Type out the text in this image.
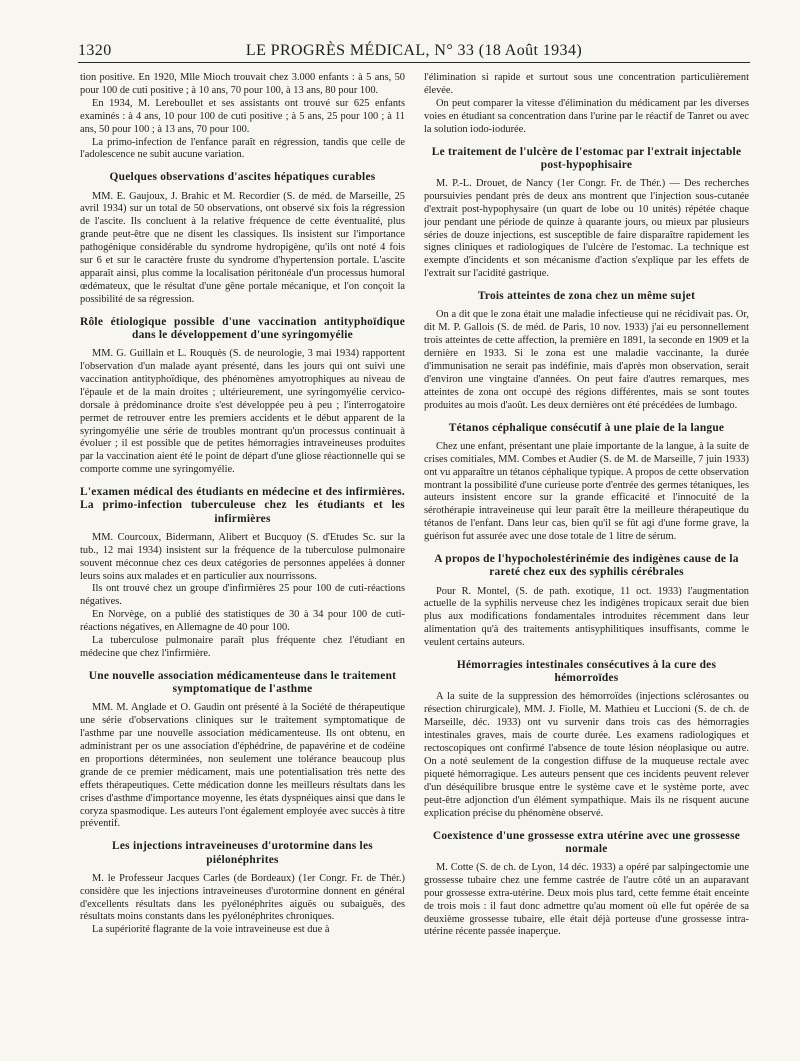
1320	LE PROGRÈS MÉDICAL, N° 33 (18 Août 1934)

tion positive. En 1920, Mlle Mioch trouvait chez 3.000 enfants : à 5 ans, 50 pour 100 de cuti positive ; à 10 ans, 70 pour 100, à 13 ans, 80 pour 100.

En 1934, M. Lereboullet et ses assistants ont trouvé sur 625 enfants examinés : à 4 ans, 10 pour 100 de cuti positive ; à 5 ans, 25 pour 100 ; à 11 ans, 50 pour 100 ; à 13 ans, 70 pour 100.

La primo-infection de l'enfance paraît en régression, tandis que celle de l'adolescence ne subit aucune variation.

Quelques observations d'ascites hépatiques curables

MM. E. Gaujoux, J. Brahic et M. Recordier (S. de méd. de Marseille, 25 avril 1934) sur un total de 50 observations, ont observé six fois la régression de l'ascite. Ils concluent à la relative fréquence de cette éventualité, plus grande peut-être que ne disent les classiques. Ils insistent sur l'importance pathogénique considérable du syndrome hydropigène, qu'ils ont noté 4 fois sur 6 et sur le caractère fruste du syndrome d'hypertension portale. L'ascite apparaît ainsi, plus comme la localisation péritonéale d'un processus humoral œdémateux, que le résultat d'une gêne portale mécanique, et l'on conçoit la possibilité de sa régression.

Rôle étiologique possible d'une vaccination antityphoïdique dans le développement d'une syringomyélie

MM. G. Guillain et L. Rouquès (S. de neurologie, 3 mai 1934) rapportent l'observation d'un malade ayant présenté, dans les jours qui ont suivi une vaccination antityphoïdique, des phénomènes amyotrophiques au niveau de l'épaule et de la main droites ; ultérieurement, une syringomyélie cervico-dorsale à prédominance droite s'est développée peu à peu ; l'interrogatoire permet de retrouver entre les premiers accidents et le début apparent de la syringomyélie une série de troubles montrant qu'un processus continuait à évoluer ; il est possible que de petites hémorragies intraveineuses produites par la vaccination aient été le point de départ d'une gliose réactionnelle qui se comporte comme une syringomyélie.

L'examen médical des étudiants en médecine et des infirmières. La primo-infection tuberculeuse chez les étudiants et les infirmières

MM. Courcoux, Bidermann, Alibert et Bucquoy (S. d'Etudes Sc. sur la tub., 12 mai 1934) insistent sur la fréquence de la tuberculose pulmonaire souvent méconnue chez ces deux catégories de personnes appelées à donner leurs soins aux malades et en particulier aux nourrissons.

Ils ont trouvé chez un groupe d'infirmières 25 pour 100 de cuti-réactions négatives.

En Norvège, on a publié des statistiques de 30 à 34 pour 100 de cuti-réactions négatives, en Allemagne de 40 pour 100.

La tuberculose pulmonaire paraît plus fréquente chez l'étudiant en médecine que chez l'infirmière.

Une nouvelle association médicamenteuse dans le traitement symptomatique de l'asthme

MM. M. Anglade et O. Gaudin ont présenté à la Société de thérapeutique une série d'observations cliniques sur le traitement symptomatique de l'asthme par une nouvelle association médicamenteuse. Ils ont obtenu, en administrant per os une association d'éphédrine, de papavérine et de codéine en proportions déterminées, non seulement une tolérance beaucoup plus grande de ce premier médicament, mais une potentialisation très nette des effets thérapeutiques. Cette médication donne les meilleurs résultats dans les crises d'asthme d'importance moyenne, les états dyspnéiques ainsi que dans le coryza spasmodique. Les auteurs l'ont également employée avec succès à titre préventif.

Les injections intraveineuses d'urotormine dans les piélonéphrites

M. le Professeur Jacques Carles (de Bordeaux) (1er Congr. Fr. de Thér.) considère que les injections intraveineuses d'urotormine donnent en général d'excellents résultats dans les pyélonéphrites aiguës ou subaiguës, des résultats moins constants dans les pyélonéphrites chroniques.

La supériorité flagrante de la voie intraveineuse est due à

l'élimination si rapide et surtout sous une concentration particulièrement élevée.

On peut comparer la vitesse d'élimination du médicament par les diverses voies en étudiant sa concentration dans l'urine par le réactif de Tanret ou avec la solution iodo-iodurée.

Le traitement de l'ulcère de l'estomac par l'extrait injectable post-hypophisaire

M. P.-L. Drouet, de Nancy (1er Congr. Fr. de Thér.) — Des recherches poursuivies pendant près de deux ans montrent que l'injection sous-cutanée d'extrait post-hypophysaire (un quart de lobe ou 10 unités) répétée chaque jour pendant une période de quinze à quarante jours, ou mieux par plusieurs séries de douze injections, est susceptible de faire disparaître rapidement les signes cliniques et radiologiques de l'ulcère de l'estomac. La technique est exempte d'incidents et son mécanisme d'action s'explique par les effets de l'extrait sur l'acidité gastrique.

Trois atteintes de zona chez un même sujet

On a dit que le zona était une maladie infectieuse qui ne récidivait pas. Or, dit M. P. Gallois (S. de méd. de Paris, 10 nov. 1933) j'ai eu personnellement trois atteintes de cette affection, la première en 1891, la seconde en 1909 et la dernière en 1933. Si le zona est une maladie vaccinante, la durée d'immunisation ne serait pas indéfinie, mais d'après mon observation, serait d'environ une vingtaine d'années. On peut faire d'autres remarques, mes atteintes de zona ont occupé des régions différentes, mais se sont toutes produites au mois d'août. Les deux dernières ont été précédées de lumbago.

Tétanos céphalique consécutif à une plaie de la langue

Chez une enfant, présentant une plaie importante de la langue, à la suite de crises comitiales, MM. Combes et Audier (S. de M. de Marseille, 7 juin 1933) ont vu apparaître un tétanos céphalique typique. A propos de cette observation montrant la possibilité d'une curieuse porte d'entrée des germes tétaniques, les auteurs insistent encore sur la grande efficacité et l'innocuité de la sérothérapie intraveineuse qui leur paraît être la meilleure thérapeutique du tétanos de l'enfant. Dans leur cas, bien qu'il se fût agi d'une forme grave, la guérison fut assurée avec une dose totale de 1 litre de sérum.

A propos de l'hypocholestérinémie des indigènes cause de la rareté chez eux des syphilis cérébrales

Pour R. Montel, (S. de path. exotique, 11 oct. 1933) l'augmentation actuelle de la syphilis nerveuse chez les indigènes tropicaux serait due bien plus aux modifications fondamentales introduites récemment dans leur alimentation qu'à des traitements antisyphilitiques insuffisants, comme le veulent certains auteurs.

Hémorragies intestinales consécutives à la cure des hémorroïdes

A la suite de la suppression des hémorroïdes (injections sclérosantes ou résection chirurgicale), MM. J. Fiolle, M. Mathieu et Luccioni (S. de ch. de Marseille, déc. 1933) ont vu survenir dans trois cas des hémorragies intestinales graves, mais de courte durée. Les examens radiologiques et rectoscopiques ont confirmé l'absence de toute lésion néoplasique ou autre. On a noté seulement de la congestion diffuse de la muqueuse rectale avec piqueté hémorragique. Les auteurs pensent que ces incidents peuvent relever d'un déséquilibre brusque entre le système cave et le système porte, avec peut-être adjonction d'un élément sympathique. Mais ils ne risquent aucune explication précise du phénomène observé.

Coexistence d'une grossesse extra utérine avec une grossesse normale

M. Cotte (S. de ch. de Lyon, 14 déc. 1933) a opéré par salpingectomie une grossesse tubaire chez une femme castrée de l'autre côté un an auparavant pour grossesse extra-utérine. Deux mois plus tard, cette femme était enceinte de trois mois : il faut donc admettre qu'au moment où elle fut opérée de sa deuxième grossesse tubaire, elle était déjà porteuse d'une grossesse intra-utérine récente passée inaperçue.
